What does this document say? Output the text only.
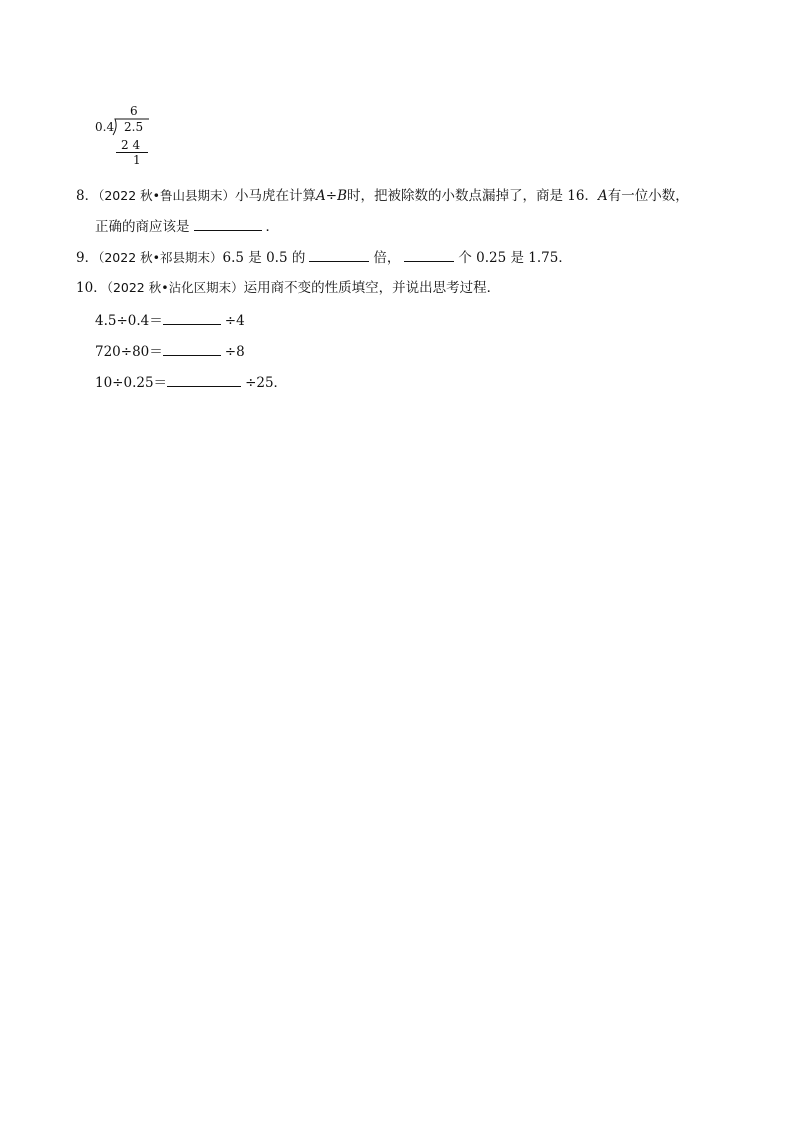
6
0.4 2.5
2 4
1
8．（2022 秋•鲁山县期末）小马虎在计算A÷B时，把被除数的小数点漏掉了，商是 16．A有一位小数，
正确的商应该是	．
9．（2022 秋•祁县期末）6.5 是 0.5 的	倍，	个 0.25 是 1.75．
10．（2022 秋•沾化区期末）运用商不变的性质填空，并说出思考过程．
4.5÷0.4＝	÷4
720÷80＝	÷8
10÷0.25＝	÷25．
